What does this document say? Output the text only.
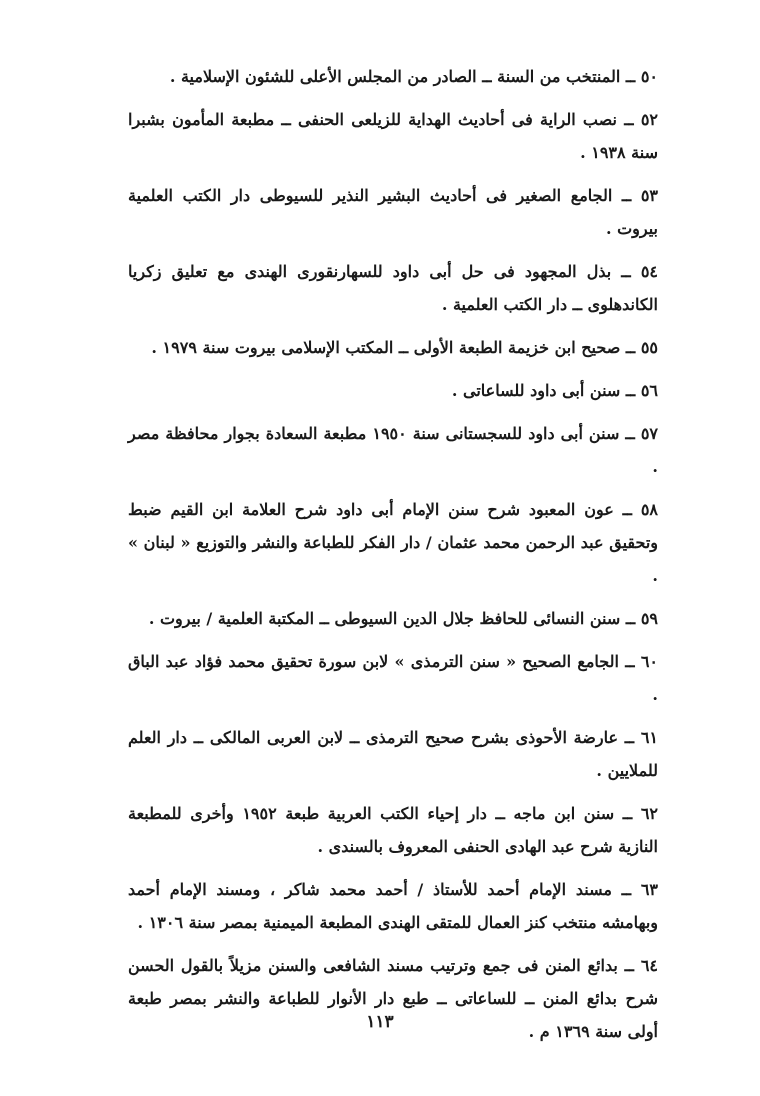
٥٠ ــ المنتخب من السنة ــ الصادر من المجلس الأعلى للشئون الإسلامية .

٥٢ ــ نصب الراية فى أحاديث الهداية للزيلعى الحنفى ــ مطبعة المأمون بشبرا سنة ١٩٣٨ .

٥٣ ــ الجامع الصغير فى أحاديث البشير النذير للسيوطى دار الكتب العلمية بيروت .

٥٤ ــ بذل المجهود فى حل أبى داود للسهارنقورى الهندى مع تعليق زكريا الكاندهلوى ــ دار الكتب العلمية .

٥٥ ــ صحيح ابن خزيمة الطبعة الأولى ــ المكتب الإسلامى بيروت سنة ١٩٧٩ .

٥٦ ــ سنن أبى داود للساعاتى .

٥٧ ــ سنن أبى داود للسجستانى سنة ١٩٥٠ مطبعة السعادة بجوار محافظة مصر .

٥٨ ــ عون المعبود شرح سنن الإمام أبى داود شرح العلامة ابن القيم ضبط وتحقيق عبد الرحمن محمد عثمان / دار الفكر للطباعة والنشر والتوزيع « لبنان » .

٥٩ ــ سنن النسائى للحافظ جلال الدين السيوطى ــ المكتبة العلمية / بيروت .

٦٠ ــ الجامع الصحيح « سنن الترمذى » لابن سورة تحقيق محمد فؤاد عبد الباق .

٦١ ــ عارضة الأحوذى بشرح صحيح الترمذى ــ لابن العربى المالكى ــ دار العلم للملايين .

٦٢ ــ سنن ابن ماجه ــ دار إحياء الكتب العربية طبعة ١٩٥٢ وأخرى للمطبعة النازية شرح عبد الهادى الحنفى المعروف بالسندى .

٦٣ ــ مسند الإمام أحمد للأستاذ / أحمد محمد شاكر ، ومسند الإمام أحمد وبهامشه منتخب كنز العمال للمتقى الهندى المطبعة الميمنية بمصر سنة ١٣٠٦ .

٦٤ ــ بدائع المنن فى جمع وترتيب مسند الشافعى والسنن مزيلاً بالقول الحسن شرح بدائع المنن ــ للساعاتى ــ طبع دار الأنوار للطباعة والنشر بمصر طبعة أولى سنة ١٣٦٩ م .

١١٣
